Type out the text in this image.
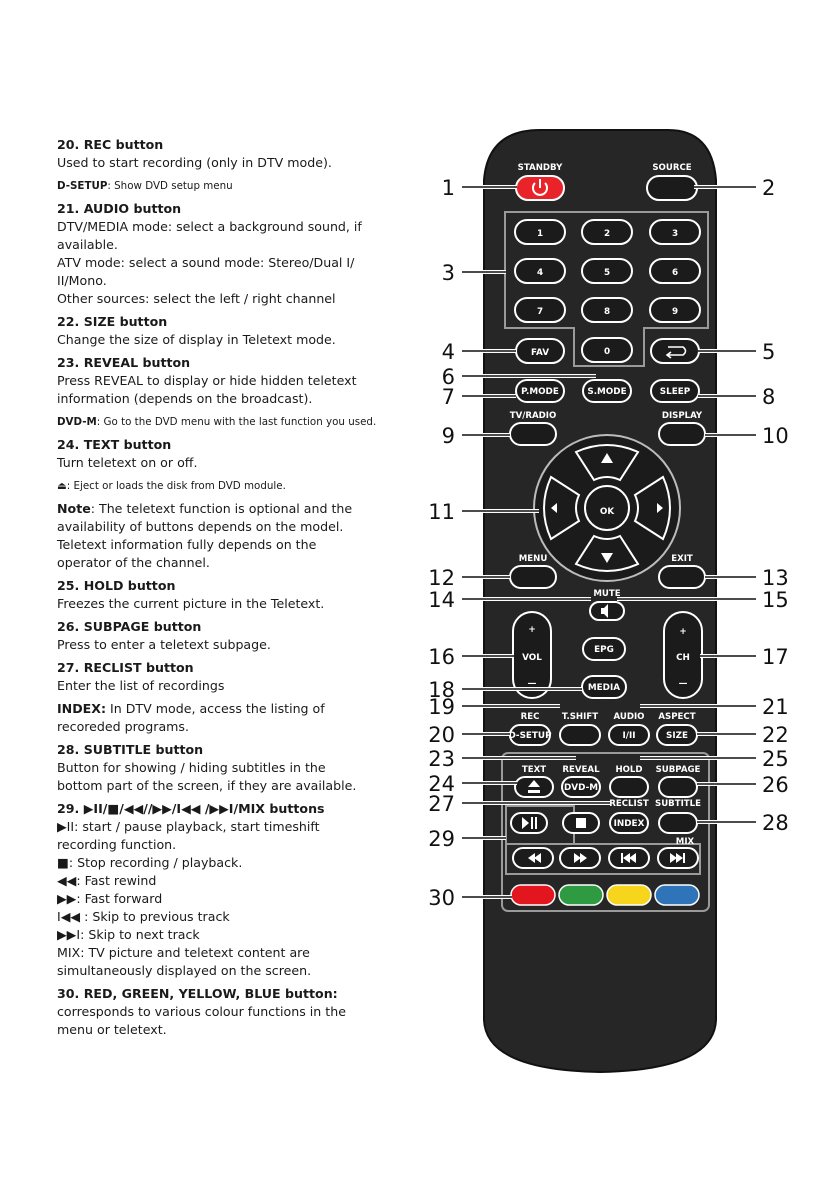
20. REC button
Used to start recording (only in DTV mode).
D-SETUP: Show DVD setup menu
21. AUDIO button
DTV/MEDIA mode: select a background sound, if
available.
ATV mode: select a sound mode: Stereo/Dual I/
II/Mono.
Other sources: select the left / right channel
22. SIZE button
Change the size of display in Teletext mode.
23. REVEAL button
Press REVEAL to display or hide hidden teletext
information (depends on the broadcast).
DVD-M: Go to the DVD menu with the last function you used.
24. TEXT button
Turn teletext on or off.
⏏: Eject or loads the disk from DVD module.
Note: The teletext function is optional and the
availability of buttons depends on the model.
Teletext information fully depends on the
operator of the channel.
25. HOLD button
Freezes the current picture in the Teletext.
26. SUBPAGE button
Press to enter a teletext subpage.
27. RECLIST button
Enter the list of recordings
INDEX: In DTV mode, access the listing of
recoreded programs.
28. SUBTITLE button
Button for showing / hiding subtitles in the
bottom part of the screen, if they are available.
29. ▶II/■/◀◀//▶▶/I◀◀ /▶▶I/MIX buttons
▶II: start / pause playback, start timeshift
recording function.
■: Stop recording / playback.
◀◀: Fast rewind
▶▶: Fast forward
I◀◀ : Skip to previous track
▶▶I: Skip to next track
MIX: TV picture and teletext content are
simultaneously displayed on the screen.
30. RED, GREEN, YELLOW, BLUE button:
corresponds to various colour functions in the
menu or teletext.
STANDBY	SOURCE
1	2	3
4	5	6
7	8	9
0
FAV
P.MODE	S.MODE	SLEEP
TV/RADIO	DISPLAY
OK
MENU	EXIT
MUTE
+
VOL
—
+
CH
—
EPG
MEDIA
REC
D-SETUP
T.SHIFT AUDIO
I/II
ASPECT
SIZE
TEXT REVEAL
DVD-M
HOLD SUBPAGE
RECLIST
INDEX
SUBTITLE
MIX
1	2
3
4	5
6
7	8
9	10
11
12	13
14	15
16	17
18
19
20
21
22
23
24
25
26
27
28
29
30
